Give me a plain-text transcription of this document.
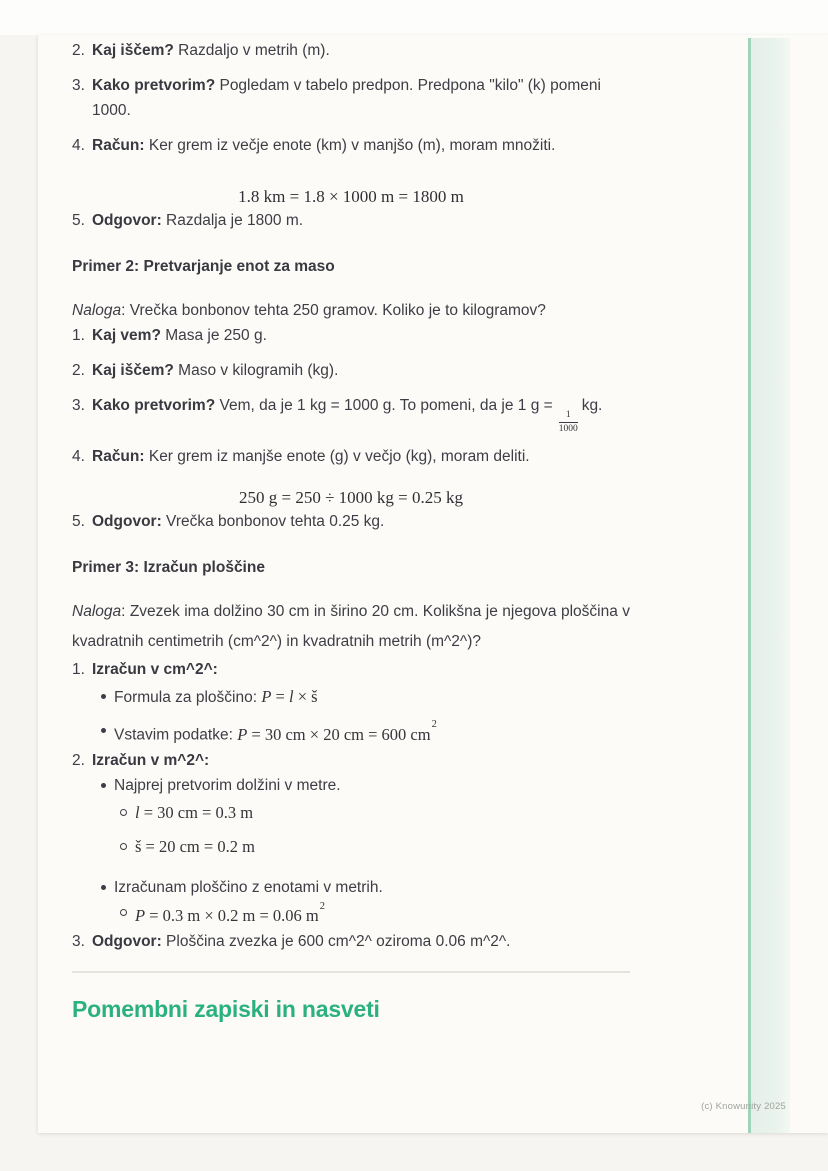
(c) Knowunity 2025
2. Kaj iščem? Razdaljo v metrih (m).
3. Kako pretvorim? Pogledam v tabelo predpon. Predpona "kilo" (k) pomeni 1000.
4. Račun: Ker grem iz večje enote (km) v manjšo (m), moram množiti.
1.8 km = 1.8 × 1000 m = 1800 m
5. Odgovor: Razdalja je 1800 m.
Primer 2: Pretvarjanje enot za maso

Naloga: Vrečka bonbonov tehta 250 gramov. Koliko je to kilogramov?

1. Kaj vem? Masa je 250 g.
2. Kaj iščem? Maso v kilogramih (kg).
3. Kako pretvorim? Vem, da je 1 kg = 1000 g. To pomeni, da je 1 g =
$\frac{1}{1000}$
kg.
4. Račun: Ker grem iz manjše enote (g) v večjo (kg), moram deliti.
250 g = 250 ÷ 1000 kg = 0.25 kg
5. Odgovor: Vrečka bonbonov tehta 0.25 kg.
Primer 3: Izračun ploščine

Naloga: Zvezek ima dolžino 30 cm in širino 20 cm. Kolikšna je njegova ploščina v kvadratnih centimetrih (cm^2^) in kvadratnih metrih (m^2^)?

1. Izračun v cm^2^:
Formula za ploščino: P = l × š
Vstavim podatke: P = 30 cm × 20 cm = 600 $cm^2$
2. Izračun v m^2^:
Najprej pretvorim dolžini v metre.
l = 30 cm = 0.3 m
š = 20 cm = 0.2 m
Izračunam ploščino z enotami v metrih.
P = 0.3 m × 0.2 m = 0.06 $m^2$
3. Odgovor: Ploščina zvezka je 600 cm^2^ oziroma 0.06 m^2^.
Pomembni zapiski in nasveti
